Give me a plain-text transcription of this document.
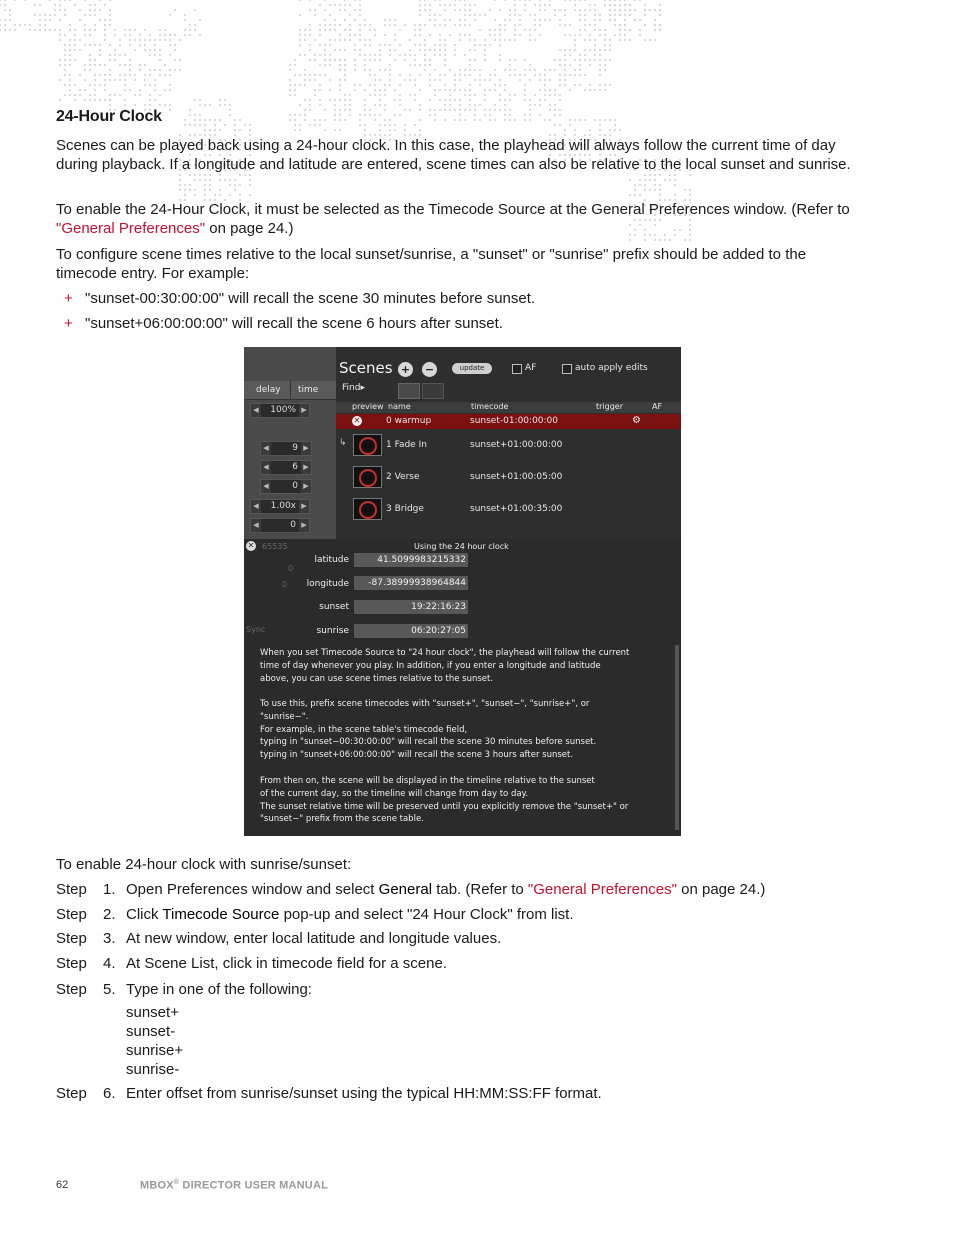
24-Hour Clock

Scenes can be played back using a 24-hour clock. In this case, the playhead will always follow the current time of day during playback. If a longitude and latitude are entered, scene times can also be relative to the local sunset and sunrise.

To enable the 24-Hour Clock, it must be selected as the Timecode Source at the General Preferences window. (Refer to "General Preferences" on page 24.)

To configure scene times relative to the local sunset/sunrise, a "sunset" or "sunrise" prefix should be added to the timecode entry. For example:

+ "sunset-00:30:00:00" will recall the scene 30 minutes before sunset.
+ "sunset+06:00:00:00" will recall the scene 6 hours after sunset.
delay time
◀	100% ▶
◀	9 ▶
◀	6 ▶
◀	0 ▶
◀	1.00x ▶
◀	0 ▶
Scenes + −	update	AF	auto apply edits
Find▸
preview name	timecode	trigger	AF
✕	0 warmup	sunset-01:00:00:00	⚙
↳	1 Fade In	sunset+01:00:00:00
2 Verse	sunset+01:00:05:00
3 Bridge	sunset+01:00:35:00
✕ 65535
0
0
Sync
Using the 24 hour clock
latitude	41.5099983215332
longitude	-87.38999938964844
sunset	19:22:16:23
sunrise	06:20:27:05

When you set Timecode Source to "24 hour clock", the playhead will follow the current
time of day whenever you play. In addition, if you enter a longitude and latitude
above, you can use scene times relative to the sunset.

To use this, prefix scene timecodes with "sunset+", "sunset−", "sunrise+", or
"sunrise−".
For example, in the scene table's timecode field,
typing in "sunset−00:30:00:00" will recall the scene 30 minutes before sunset.
typing in "sunset+06:00:00:00" will recall the scene 3 hours after sunset.

From then on, the scene will be displayed in the timeline relative to the sunset
of the current day, so the timeline will change from day to day.
The sunset relative time will be preserved until you explicitly remove the "sunset+" or
"sunset−" prefix from the scene table.

To enable 24-hour clock with sunrise/sunset:
Step 1. Open Preferences window and select General tab. (Refer to "General Preferences" on page 24.)
Step 2. Click Timecode Source pop-up and select "24 Hour Clock" from list.
Step 3. At new window, enter local latitude and longitude values.
Step 4. At Scene List, click in timecode field for a scene.
Step 5. Type in one of the following:
sunset+
sunset-
sunrise+
sunrise-
Step 6. Enter offset from sunrise/sunset using the typical HH:MM:SS:FF format.
62	MBOX® DIRECTOR USER MANUAL
